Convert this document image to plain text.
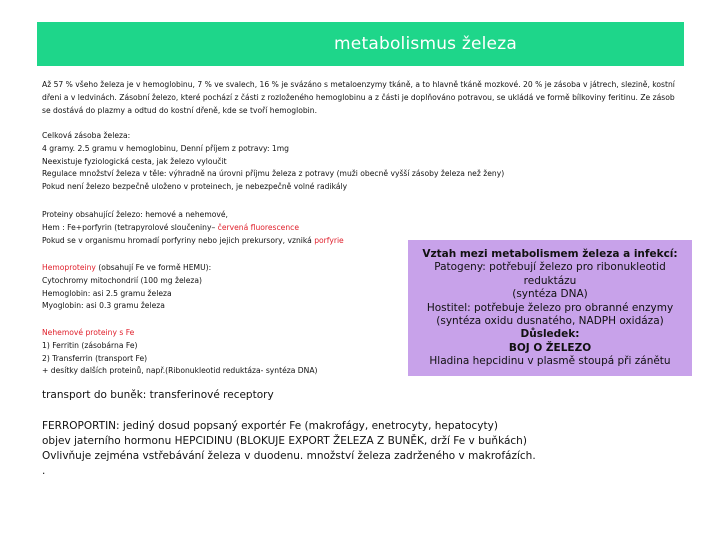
metabolismus železa
Až 57 % všeho železa je v hemoglobinu, 7 % ve svalech, 16 % je svázáno s metaloenzymy tkáně, a to hlavně tkáně mozkové. 20 % je zásoba v játrech, slezině, kostní dřeni a v ledvinách. Zásobní železo, které pochází z části z rozloženého hemoglobinu a z části je doplňováno potravou, se ukládá ve formě bílkoviny feritinu. Ze zásob se dostává do plazmy a odtud do kostní dřeně, kde se tvoří hemoglobin.
Celková zásoba železa:
4 gramy. 2.5 gramu v hemoglobinu, Denní příjem z potravy: 1mg
Neexistuje fyziologická cesta, jak železo vyloučit
Regulace množství železa v těle: výhradně na úrovni příjmu železa z potravy (muži obecně vyšší zásoby železa než ženy)
Pokud není železo bezpečně uloženo v proteinech, je nebezpečně volné radikály
Proteiny obsahující železo: hemové a nehemové,
Hem : Fe+porfyrin (tetrapyrolové sloučeniny– červená fluorescence
Pokud se v organismu hromadí porfyriny nebo jejich prekursory, vzniká porfyrie
Hemoproteiny (obsahují Fe ve formě HEMU):
Cytochromy mitochondrií (100 mg železa)
Hemoglobin: asi 2.5 gramu železa
Myoglobin: asi 0.3 gramu železa
Nehemové proteiny s Fe
1) Ferritin (zásobárna Fe)
2) Transferrin (transport Fe)
+ desítky dalších proteinů, např.(Ribonukleotid reduktáza- syntéza DNA)
Vztah mezi metabolismem železa a infekcí:
Patogeny: potřebují železo pro ribonukleotid
reduktázu
(syntéza DNA)
Hostitel: potřebuje železo pro obranné enzymy
(syntéza oxidu dusnatého, NADPH oxidáza)
Důsledek:
BOJ O ŽELEZO
Hladina hepcidinu v plasmě stoupá při zánětu
transport do buněk: transferinové receptory
FERROPORTIN: jediný dosud popsaný exportér Fe (makrofágy, enetrocyty, hepatocyty)
objev jaterního hormonu HEPCIDINU (BLOKUJE EXPORT ŽELEZA Z BUNĚK, drží Fe v buňkách)
Ovlivňuje zejména vstřebávání železa v duodenu. množství železa zadrženého v makrofázích.
.
